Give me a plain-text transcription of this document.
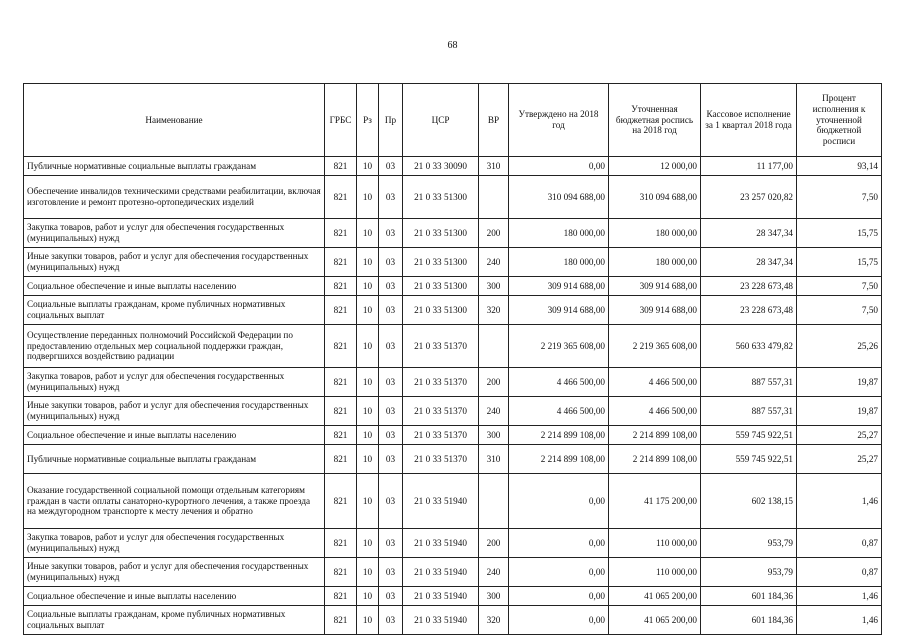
68
Наименование	ГРБС	Рз	Пр	ЦСР	ВР	Утверждено на 2018 год	Уточненная бюджетная роспись на 2018 год	Кассовое исполнение за 1 квартал 2018 года	Процент исполнения к уточненной бюджетной росписи
Публичные нормативные социальные выплаты гражданам	821	10	03	21 0 33 30090	310	0,00	12 000,00	11 177,00	93,14
Обеспечение инвалидов техническими средствами реабилитации, включая изготовление и ремонт протезно-ортопедических изделий	821	10	03	21 0 33 51300		310 094 688,00	310 094 688,00	23 257 020,82	7,50
Закупка товаров, работ и услуг для обеспечения государственных (муниципальных) нужд	821	10	03	21 0 33 51300	200	180 000,00	180 000,00	28 347,34	15,75
Иные закупки товаров, работ и услуг для обеспечения государственных (муниципальных) нужд	821	10	03	21 0 33 51300	240	180 000,00	180 000,00	28 347,34	15,75
Социальное обеспечение и иные выплаты населению	821	10	03	21 0 33 51300	300	309 914 688,00	309 914 688,00	23 228 673,48	7,50
Социальные выплаты гражданам, кроме публичных нормативных социальных выплат	821	10	03	21 0 33 51300	320	309 914 688,00	309 914 688,00	23 228 673,48	7,50
Осуществление переданных полномочий Российской Федерации по предоставлению отдельных мер социальной поддержки граждан, подвергшихся воздействию радиации	821	10	03	21 0 33 51370		2 219 365 608,00	2 219 365 608,00	560 633 479,82	25,26
Закупка товаров, работ и услуг для обеспечения государственных (муниципальных) нужд	821	10	03	21 0 33 51370	200	4 466 500,00	4 466 500,00	887 557,31	19,87
Иные закупки товаров, работ и услуг для обеспечения государственных (муниципальных) нужд	821	10	03	21 0 33 51370	240	4 466 500,00	4 466 500,00	887 557,31	19,87
Социальное обеспечение и иные выплаты населению	821	10	03	21 0 33 51370	300	2 214 899 108,00	2 214 899 108,00	559 745 922,51	25,27
Публичные нормативные социальные выплаты гражданам	821	10	03	21 0 33 51370	310	2 214 899 108,00	2 214 899 108,00	559 745 922,51	25,27
Оказание государственной социальной помощи отдельным категориям граждан в части оплаты санаторно-курортного лечения, а также проезда на междугородном транспорте к месту лечения и обратно	821	10	03	21 0 33 51940		0,00	41 175 200,00	602 138,15	1,46
Закупка товаров, работ и услуг для обеспечения государственных (муниципальных) нужд	821	10	03	21 0 33 51940	200	0,00	110 000,00	953,79	0,87
Иные закупки товаров, работ и услуг для обеспечения государственных (муниципальных) нужд	821	10	03	21 0 33 51940	240	0,00	110 000,00	953,79	0,87
Социальное обеспечение и иные выплаты населению	821	10	03	21 0 33 51940	300	0,00	41 065 200,00	601 184,36	1,46
Социальные выплаты гражданам, кроме публичных нормативных социальных выплат	821	10	03	21 0 33 51940	320	0,00	41 065 200,00	601 184,36	1,46
